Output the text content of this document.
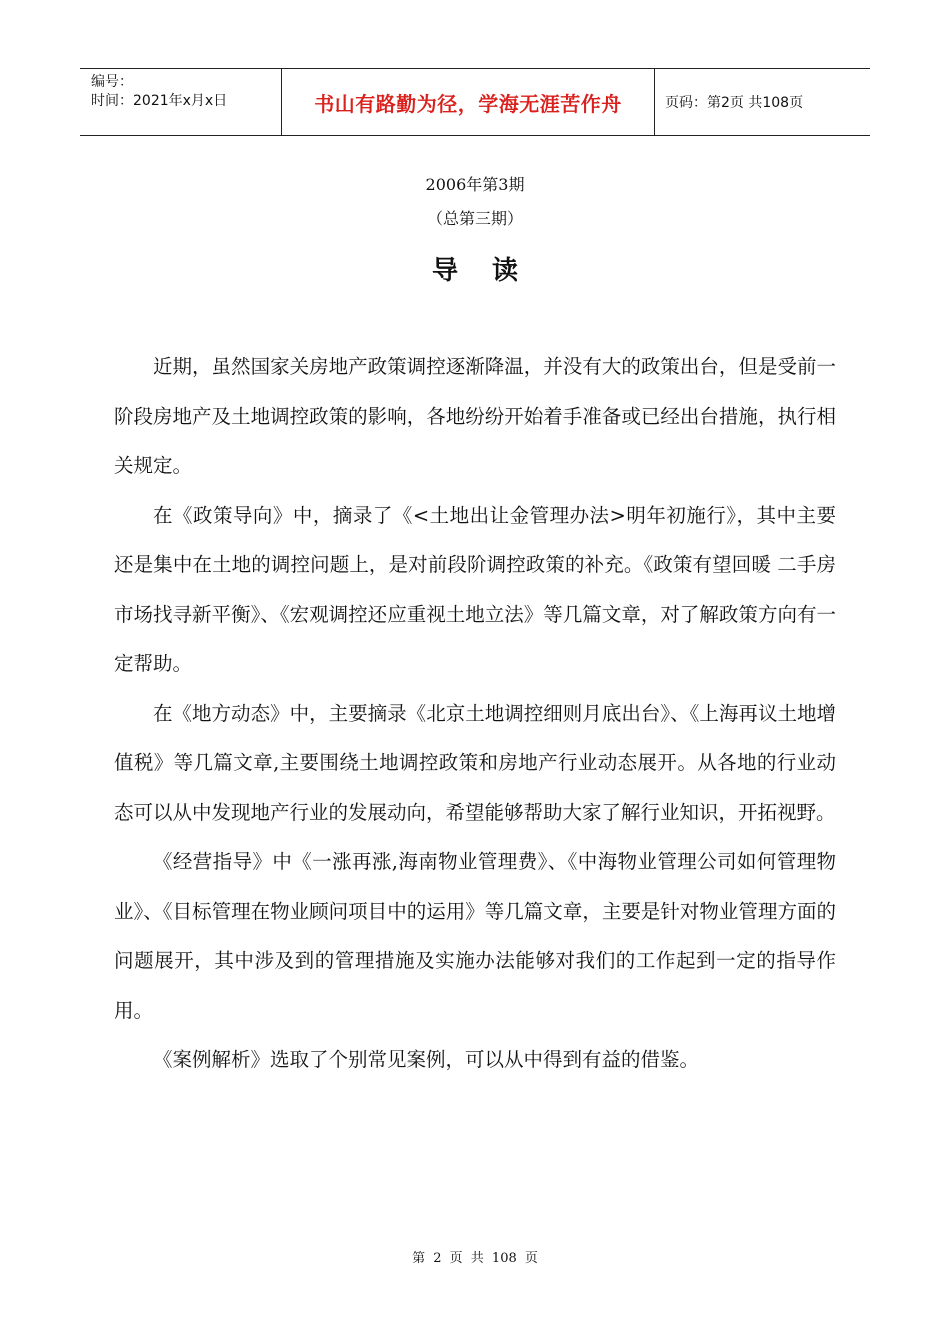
编号：
时间：2021年x月x日	书山有路勤为径，学海无涯苦作舟	页码：第2页 共108页
2006年第3期
（总第三期）
导读

近期，虽然国家关房地产政策调控逐渐降温，并没有大的政策出台，但是受前一阶段房地产及土地调控政策的影响，各地纷纷开始着手准备或已经出台措施，执行相关规定。

在《政策导向》中，摘录了《<土地出让金管理办法>明年初施行》，其中主要还是集中在土地的调控问题上，是对前段阶调控政策的补充。《政策有望回暖 二手房市场找寻新平衡》、《宏观调控还应重视土地立法》等几篇文章，对了解政策方向有一定帮助。

在《地方动态》中，主要摘录《北京土地调控细则月底出台》、《上海再议土地增值税》等几篇文章,主要围绕土地调控政策和房地产行业动态展开。从各地的行业动态可以从中发现地产行业的发展动向，希望能够帮助大家了解行业知识，开拓视野。

《经营指导》中《一涨再涨,海南物业管理费》、《中海物业管理公司如何管理物业》、《目标管理在物业顾问项目中的运用》等几篇文章，主要是针对物业管理方面的问题展开，其中涉及到的管理措施及实施办法能够对我们的工作起到一定的指导作用。

《案例解析》选取了个别常见案例，可以从中得到有益的借鉴。

第 2 页 共 108 页
